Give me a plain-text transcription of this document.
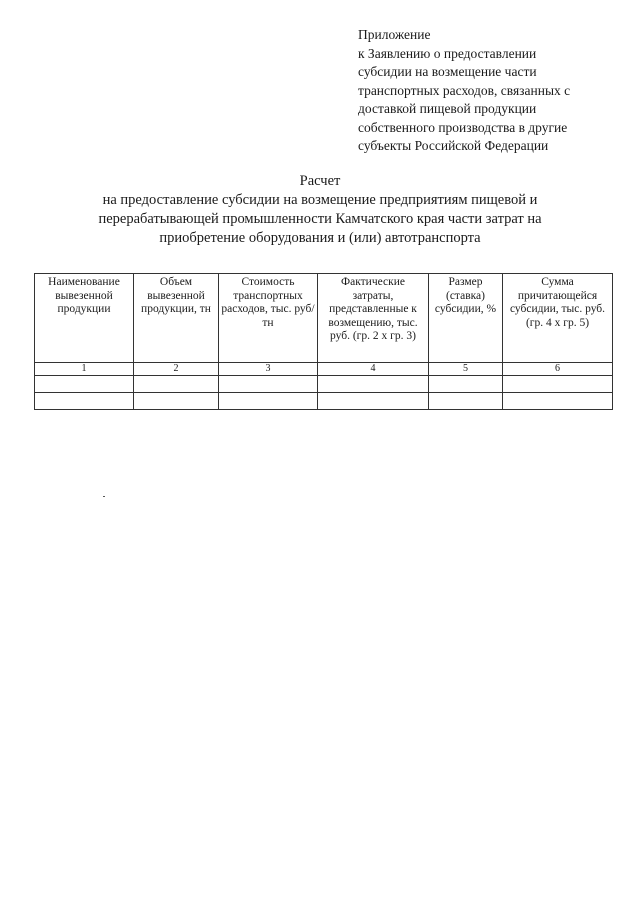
Приложение
к Заявлению о предоставлении
субсидии на возмещение части
транспортных расходов, связанных с
доставкой пищевой продукции
собственного производства в другие
субъекты Российской Федерации
Расчет
на предоставление субсидии на возмещение предприятиям пищевой и
перерабатывающей промышленности Камчатского края части затрат на
приобретение оборудования и (или) автотранспорта
Наименование вывезенной продукции	Объем вывезенной продукции, тн	Стоимость транспортных расходов, тыс. руб/тн	Фактические затраты, представленные к возмещению, тыс. руб. (гр. 2 х гр. 3)	Размер (ставка) субсидии, %	Сумма причитающейся субсидии, тыс. руб. (гр. 4 х гр. 5)
1	2	3	4	5	6
